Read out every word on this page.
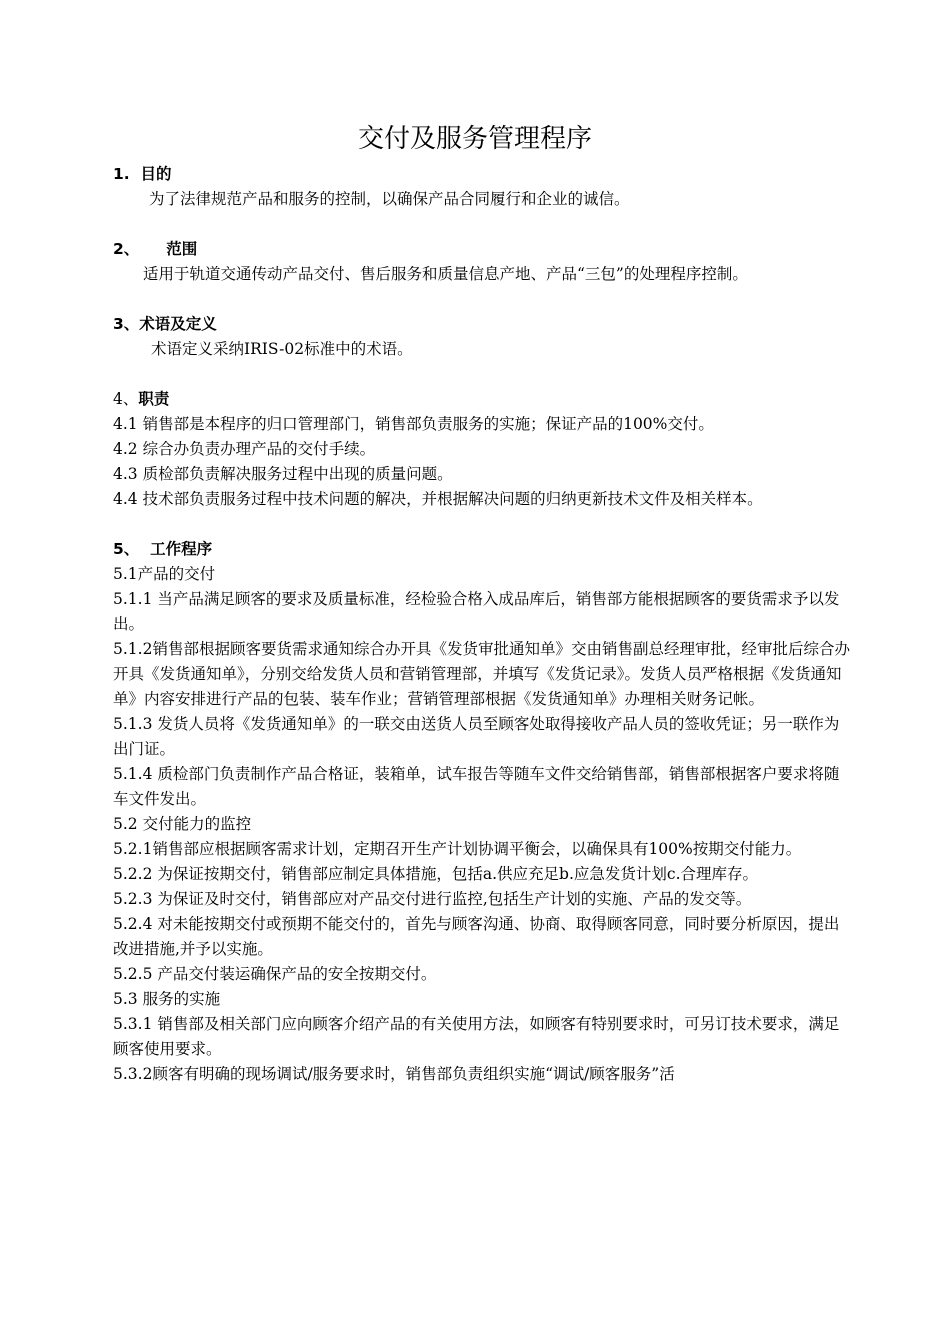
交付及服务管理程序
1.  目的
为了法律规范产品和服务的控制，以确保产品合同履行和企业的诚信。
2、     范围
适用于轨道交通传动产品交付、售后服务和质量信息产地、产品“三包”的处理程序控制。
3、术语及定义
术语定义采纳IRIS-02标准中的术语。
4、职责
4.1 销售部是本程序的归口管理部门，销售部负责服务的实施；保证产品的100%交付。
4.2 综合办负责办理产品的交付手续。
4.3 质检部负责解决服务过程中出现的质量问题。
4.4 技术部负责服务过程中技术问题的解决，并根据解决问题的归纳更新技术文件及相关样本。
5、  工作程序
5.1产品的交付
5.1.1 当产品满足顾客的要求及质量标准，经检验合格入成品库后，销售部方能根据顾客的要货需求予以发出。
5.1.2销售部根据顾客要货需求通知综合办开具《发货审批通知单》交由销售副总经理审批，经审批后综合办开具《发货通知单》，分别交给发货人员和营销管理部，并填写《发货记录》。发货人员严格根据《发货通知单》内容安排进行产品的包装、装车作业；营销管理部根据《发货通知单》办理相关财务记帐。
5.1.3 发货人员将《发货通知单》的一联交由送货人员至顾客处取得接收产品人员的签收凭证；另一联作为出门证。
5.1.4 质检部门负责制作产品合格证，装箱单，试车报告等随车文件交给销售部，销售部根据客户要求将随车文件发出。
5.2 交付能力的监控
5.2.1销售部应根据顾客需求计划，定期召开生产计划协调平衡会，以确保具有100%按期交付能力。
5.2.2 为保证按期交付，销售部应制定具体措施，包括a.供应充足b.应急发货计划c.合理库存。
5.2.3 为保证及时交付，销售部应对产品交付进行监控,包括生产计划的实施、产品的发交等。
5.2.4 对未能按期交付或预期不能交付的，首先与顾客沟通、协商、取得顾客同意，同时要分析原因，提出改进措施,并予以实施。
5.2.5 产品交付装运确保产品的安全按期交付。
5.3 服务的实施
5.3.1 销售部及相关部门应向顾客介绍产品的有关使用方法，如顾客有特别要求时，可另订技术要求，满足顾客使用要求。
5.3.2顾客有明确的现场调试/服务要求时，销售部负责组织实施“调试/顾客服务”活
